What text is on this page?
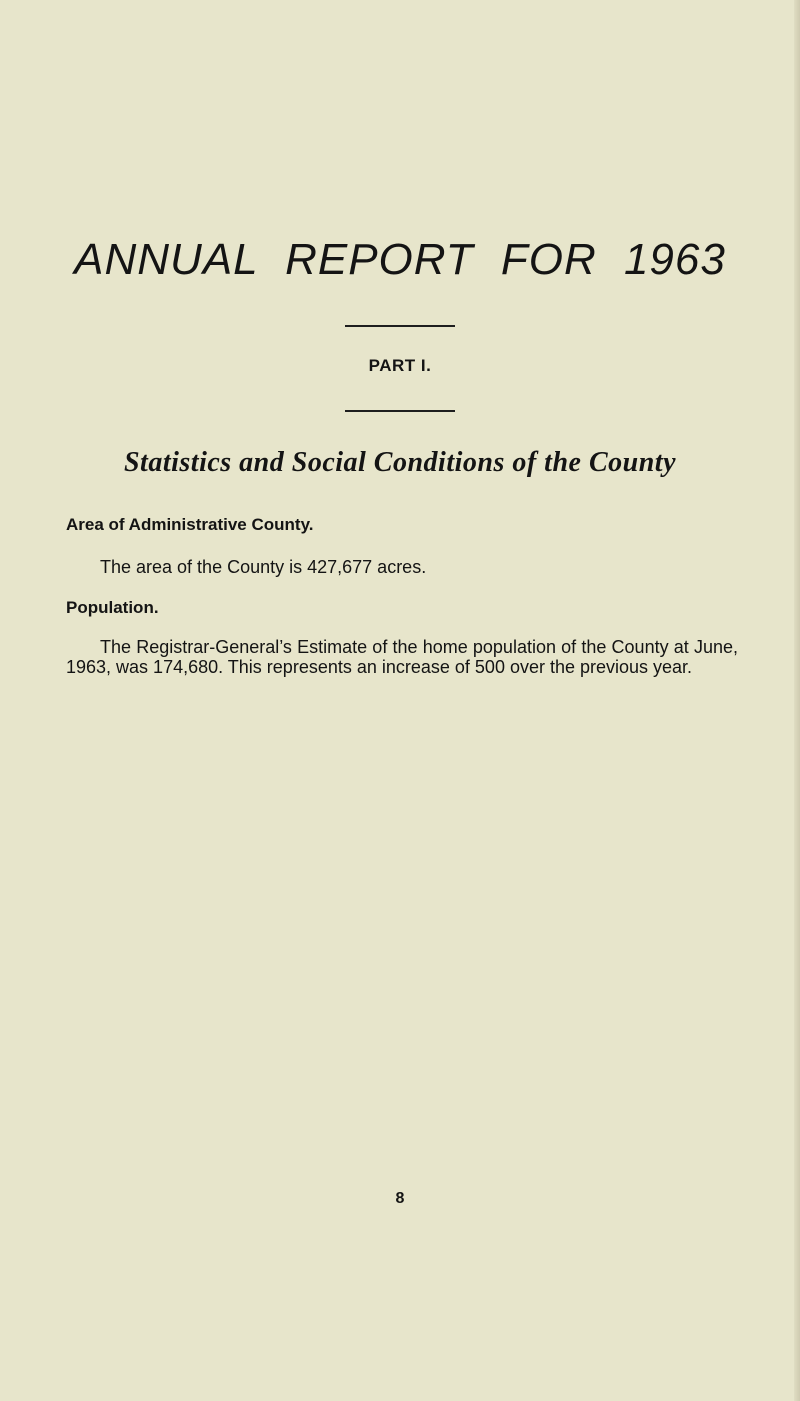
ANNUAL REPORT FOR 1963
PART I.
Statistics and Social Conditions of the County
Area of Administrative County.

The area of the County is 427,677 acres.

Population.

The Registrar-General’s Estimate of the home population of the County at June, 1963, was 174,680. This represents an increase of 500 over the previous year.

8
